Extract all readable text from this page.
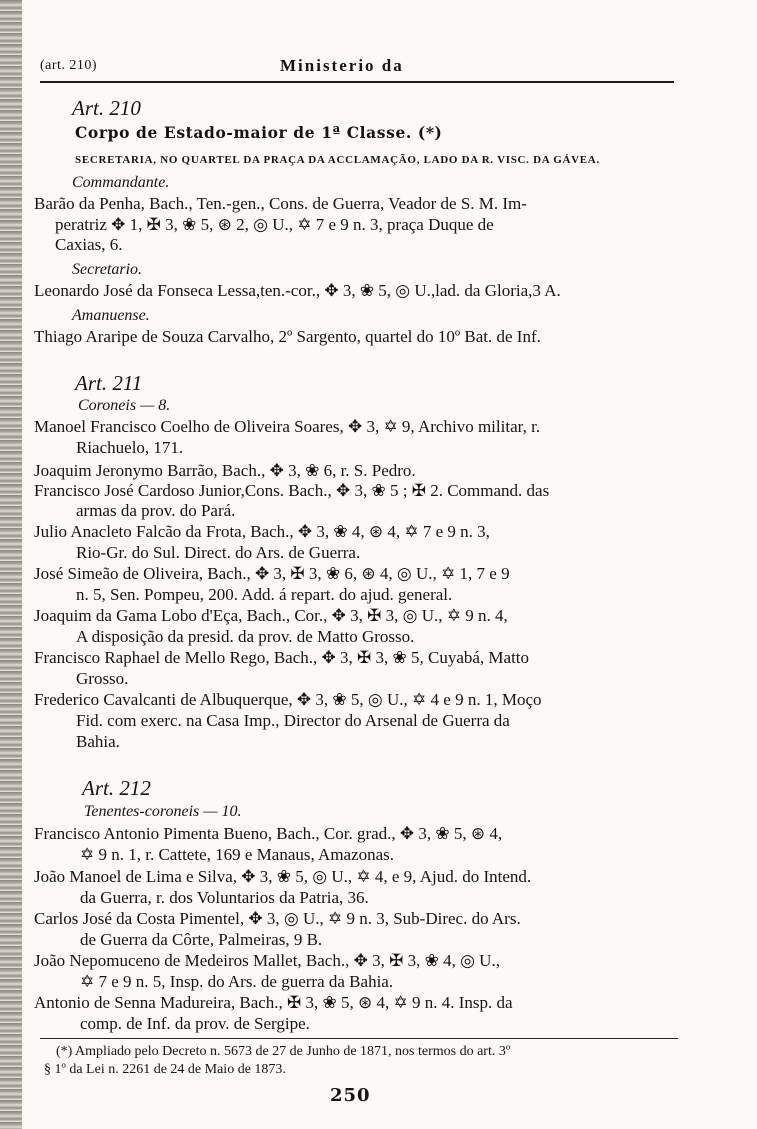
(art. 210)	Ministerio da
Art. 210
Corpo de Estado-maior de 1ª Classe. (*)
SECRETARIA, NO QUARTEL DA PRAÇA DA ACCLAMAÇÃO, LADO DA R. VISC. DA GÁVEA.
Commandante.
Barão da Penha, Bach., Ten.-gen., Cons. de Guerra, Veador de S. M. Im-
peratriz ✥ 1, ✠ 3, ❀ 5, ⊛ 2, ◎ U., ✡ 7 e 9 n. 3, praça Duque de
Caxias, 6.
Secretario.
Leonardo José da Fonseca Lessa,ten.-cor., ✥ 3, ❀ 5, ◎ U.,lad. da Gloria,3 A.
Amanuense.
Thiago Araripe de Souza Carvalho, 2º Sargento, quartel do 10º Bat. de Inf.
Art. 211
Coroneis — 8.
Manoel Francisco Coelho de Oliveira Soares, ✥ 3, ✡ 9, Archivo militar, r.
Riachuelo, 171.
Joaquim Jeronymo Barrão, Bach., ✥ 3, ❀ 6, r. S. Pedro.
Francisco José Cardoso Junior,Cons. Bach., ✥ 3, ❀ 5 ; ✠ 2. Command. das
armas da prov. do Pará.
Julio Anacleto Falcão da Frota, Bach., ✥ 3, ❀ 4, ⊛ 4, ✡ 7 e 9 n. 3,
Rio-Gr. do Sul. Direct. do Ars. de Guerra.
José Simeão de Oliveira, Bach., ✥ 3, ✠ 3, ❀ 6, ⊛ 4, ◎ U., ✡ 1, 7 e 9
n. 5, Sen. Pompeu, 200. Add. á repart. do ajud. general.
Joaquim da Gama Lobo d'Eça, Bach., Cor., ✥ 3, ✠ 3, ◎ U., ✡ 9 n. 4,
A disposição da presid. da prov. de Matto Grosso.
Francisco Raphael de Mello Rego, Bach., ✥ 3, ✠ 3, ❀ 5, Cuyabá, Matto
Grosso.
Frederico Cavalcanti de Albuquerque, ✥ 3, ❀ 5, ◎ U., ✡ 4 e 9 n. 1, Moço
Fid. com exerc. na Casa Imp., Director do Arsenal de Guerra da
Bahia.
Art. 212
Tenentes-coroneis — 10.
Francisco Antonio Pimenta Bueno, Bach., Cor. grad., ✥ 3, ❀ 5, ⊛ 4,
✡ 9 n. 1, r. Cattete, 169 e Manaus, Amazonas.
João Manoel de Lima e Silva, ✥ 3, ❀ 5, ◎ U., ✡ 4, e 9, Ajud. do Intend.
da Guerra, r. dos Voluntarios da Patria, 36.
Carlos José da Costa Pimentel, ✥ 3, ◎ U., ✡ 9 n. 3, Sub-Direc. do Ars.
de Guerra da Côrte, Palmeiras, 9 B.
João Nepomuceno de Medeiros Mallet, Bach., ✥ 3, ✠ 3, ❀ 4, ◎ U.,
✡ 7 e 9 n. 5, Insp. do Ars. de guerra da Bahia.
Antonio de Senna Madureira, Bach., ✠ 3, ❀ 5, ⊛ 4, ✡ 9 n. 4. Insp. da
comp. de Inf. da prov. de Sergipe.
(*) Ampliado pelo Decreto n. 5673 de 27 de Junho de 1871, nos termos do art. 3º
§ 1º da Lei n. 2261 de 24 de Maio de 1873.
250
